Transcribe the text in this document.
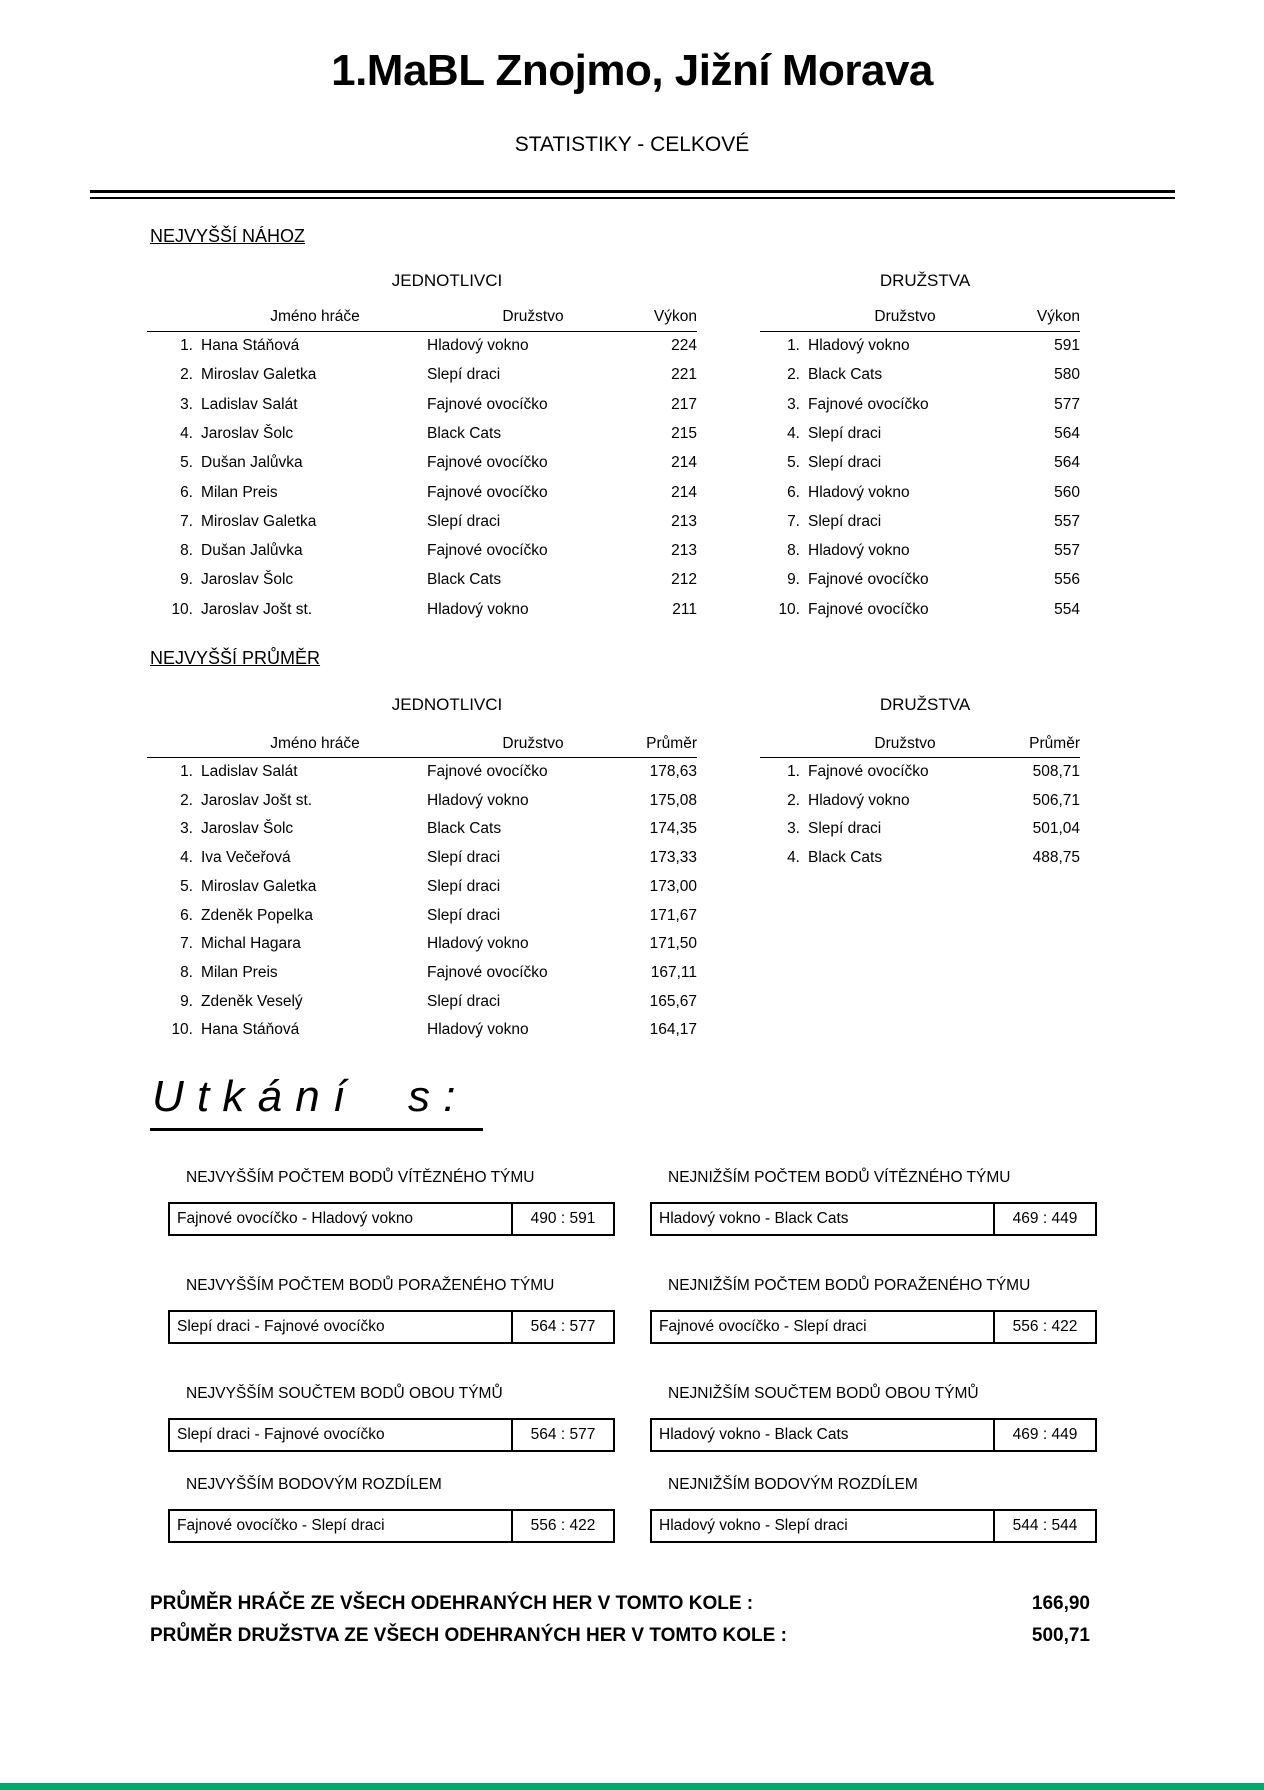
1.MaBL Znojmo, Jižní Morava
STATISTIKY - CELKOVÉ
NEJVYŠŠÍ NÁHOZ
JEDNOTLIVCI	DRUŽSTVA
Jméno hráče	Družstvo	Výkon
1. Hana Stáňová	Hladový vokno	224
2. Miroslav Galetka	Slepí draci	221
3. Ladislav Salát	Fajnové ovocíčko	217
4. Jaroslav Šolc	Black Cats	215
5. Dušan Jalůvka	Fajnové ovocíčko	214
6. Milan Preis	Fajnové ovocíčko	214
7. Miroslav Galetka	Slepí draci	213
8. Dušan Jalůvka	Fajnové ovocíčko	213
9. Jaroslav Šolc	Black Cats	212
10. Jaroslav Jošt st.	Hladový vokno	211
Družstvo	Výkon
1. Hladový vokno	591
2. Black Cats	580
3. Fajnové ovocíčko	577
4. Slepí draci	564
5. Slepí draci	564
6. Hladový vokno	560
7. Slepí draci	557
8. Hladový vokno	557
9. Fajnové ovocíčko	556
10. Fajnové ovocíčko	554
NEJVYŠŠÍ PRŮMĚR
JEDNOTLIVCI	DRUŽSTVA
Jméno hráče	Družstvo	Průměr
1. Ladislav Salát	Fajnové ovocíčko	178,63
2. Jaroslav Jošt st.	Hladový vokno	175,08
3. Jaroslav Šolc	Black Cats	174,35
4. Iva Večeřová	Slepí draci	173,33
5. Miroslav Galetka	Slepí draci	173,00
6. Zdeněk Popelka	Slepí draci	171,67
7. Michal Hagara	Hladový vokno	171,50
8. Milan Preis	Fajnové ovocíčko	167,11
9. Zdeněk Veselý	Slepí draci	165,67
10. Hana Stáňová	Hladový vokno	164,17
Družstvo	Průměr
1. Fajnové ovocíčko	508,71
2. Hladový vokno	506,71
3. Slepí draci	501,04
4. Black Cats	488,75
Utkání s:
NEJVYŠŠÍM POČTEM BODŮ VÍTĚZNÉHO TÝMU
Fajnové ovocíčko - Hladový vokno	490 : 591
NEJNIŽŠÍM POČTEM BODŮ VÍTĚZNÉHO TÝMU
Hladový vokno - Black Cats	469 : 449
NEJVYŠŠÍM POČTEM BODŮ PORAŽENÉHO TÝMU
Slepí draci - Fajnové ovocíčko	564 : 577
NEJNIŽŠÍM POČTEM BODŮ PORAŽENÉHO TÝMU
Fajnové ovocíčko - Slepí draci	556 : 422
NEJVYŠŠÍM SOUČTEM BODŮ OBOU TÝMŮ
Slepí draci - Fajnové ovocíčko	564 : 577
NEJNIŽŠÍM SOUČTEM BODŮ OBOU TÝMŮ
Hladový vokno - Black Cats	469 : 449
NEJVYŠŠÍM BODOVÝM ROZDÍLEM
Fajnové ovocíčko - Slepí draci	556 : 422
NEJNIŽŠÍM BODOVÝM ROZDÍLEM
Hladový vokno - Slepí draci	544 : 544
PRŮMĚR HRÁČE ZE VŠECH ODEHRANÝCH HER V TOMTO KOLE :	166,90
PRŮMĚR DRUŽSTVA ZE VŠECH ODEHRANÝCH HER V TOMTO KOLE :	500,71
